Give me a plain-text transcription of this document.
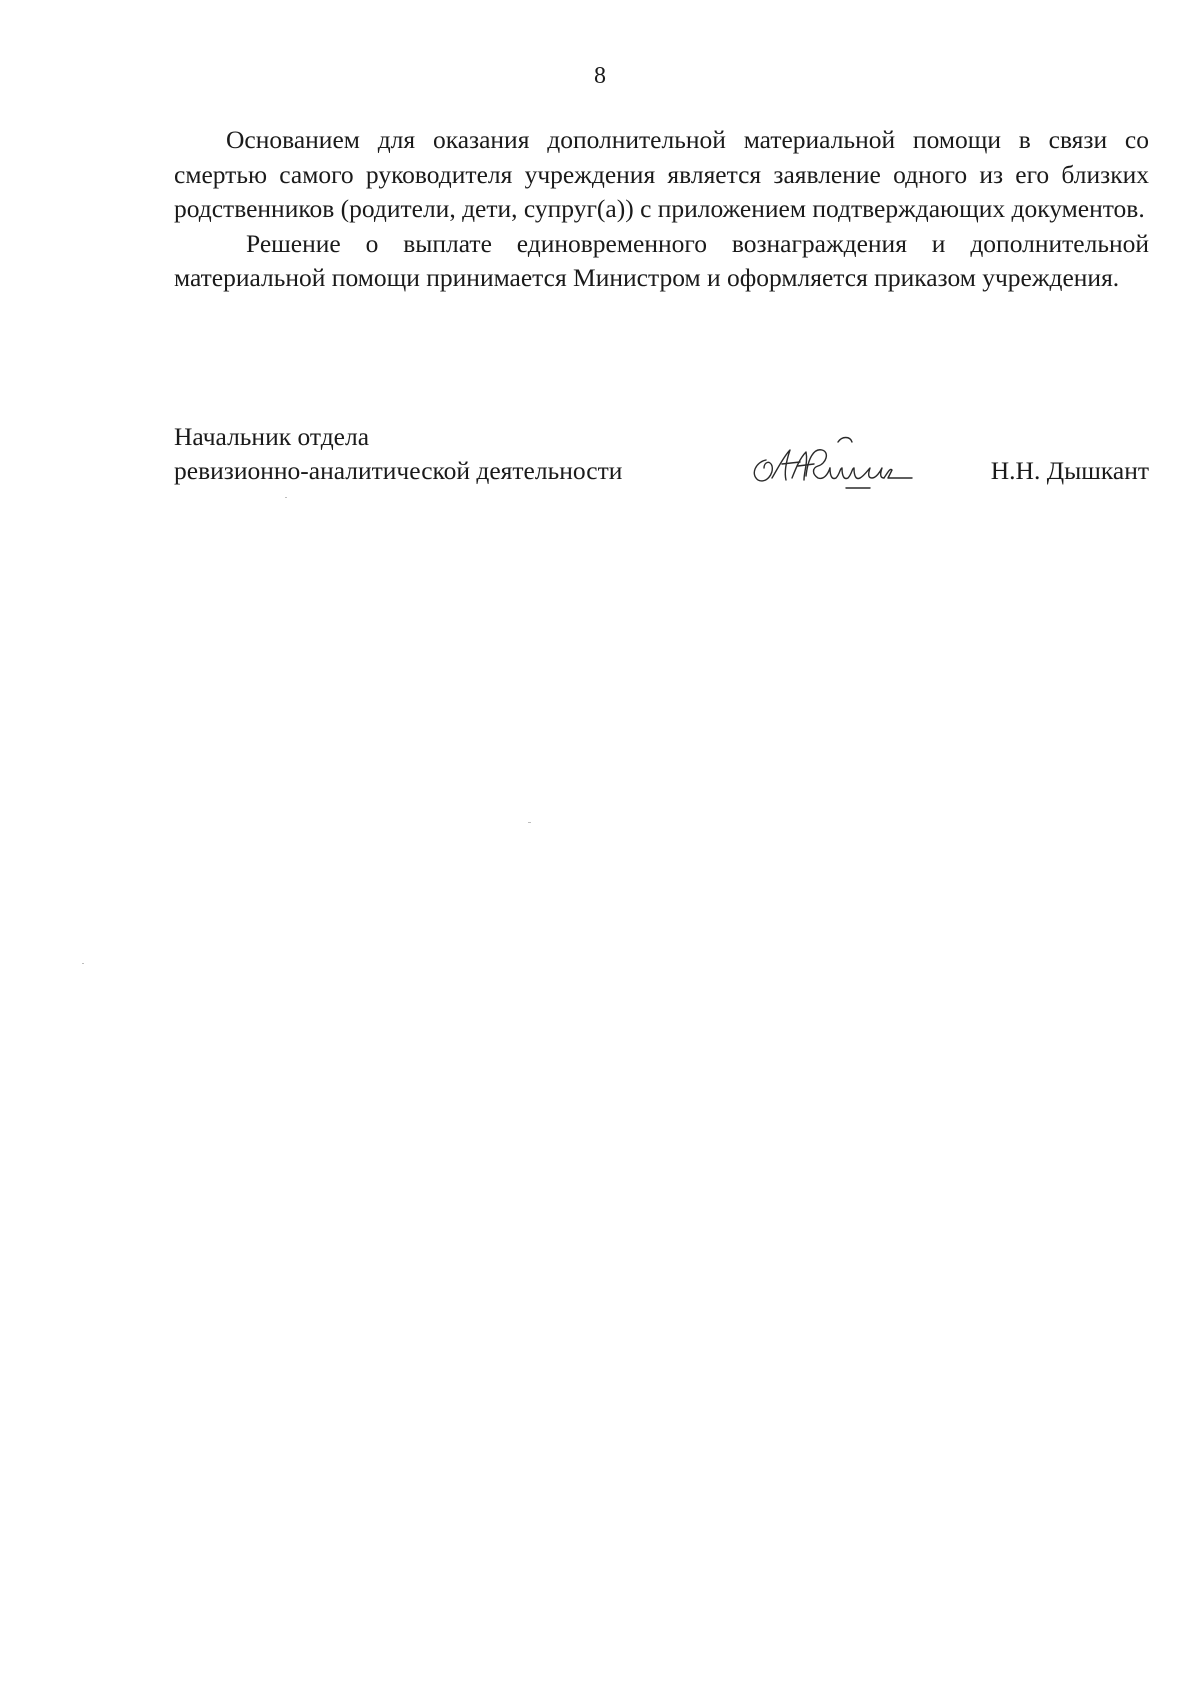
8

Основанием для оказания дополнительной материальной помощи в связи со смертью самого руководителя учреждения является заявление одного из его близких родственников (родители, дети, супруг(а)) с приложением подтверждающих документов.

Решение о выплате единовременного вознаграждения и дополнительной материальной помощи принимается Министром и оформляется приказом учреждения.

Начальник отдела
ревизионно-аналитической деятельности	Н.Н. Дышкант
